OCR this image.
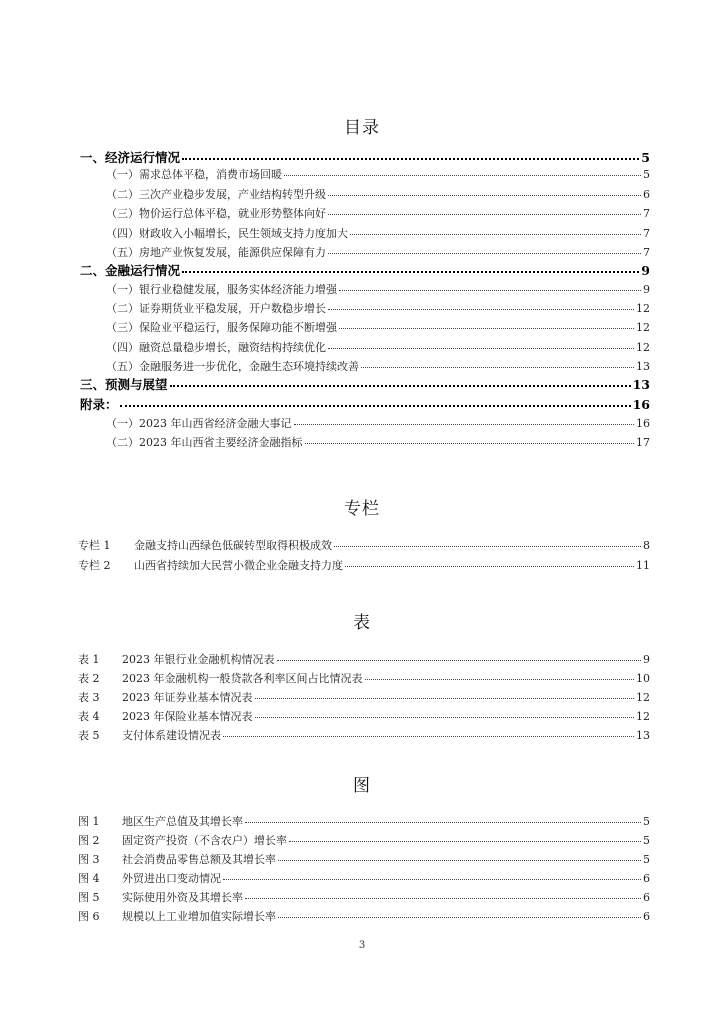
目录
一、经济运行情况	5
（一）需求总体平稳，消费市场回暖	5
（二）三次产业稳步发展，产业结构转型升级	6
（三）物价运行总体平稳，就业形势整体向好	7
（四）财政收入小幅增长，民生领域支持力度加大	7
（五）房地产业恢复发展，能源供应保障有力	7
二、金融运行情况	9
（一）银行业稳健发展，服务实体经济能力增强	9
（二）证券期货业平稳发展，开户数稳步增长	12
（三）保险业平稳运行，服务保障功能不断增强	12
（四）融资总量稳步增长，融资结构持续优化	12
（五）金融服务进一步优化，金融生态环境持续改善	13
三、预测与展望	13
附录：	16
（一）2023 年山西省经济金融大事记	16
（二）2023 年山西省主要经济金融指标	17
专栏
专栏 1 金融支持山西绿色低碳转型取得积极成效	8
专栏 2 山西省持续加大民营小微企业金融支持力度	11
表
表 1 2023 年银行业金融机构情况表	9
表 2 2023 年金融机构一般贷款各利率区间占比情况表	10
表 3 2023 年证券业基本情况表	12
表 4 2023 年保险业基本情况表	12
表 5 支付体系建设情况表	13
图
图 1 地区生产总值及其增长率	5
图 2 固定资产投资（不含农户）增长率	5
图 3 社会消费品零售总额及其增长率	5
图 4 外贸进出口变动情况	6
图 5 实际使用外资及其增长率	6
图 6 规模以上工业增加值实际增长率	6
3
